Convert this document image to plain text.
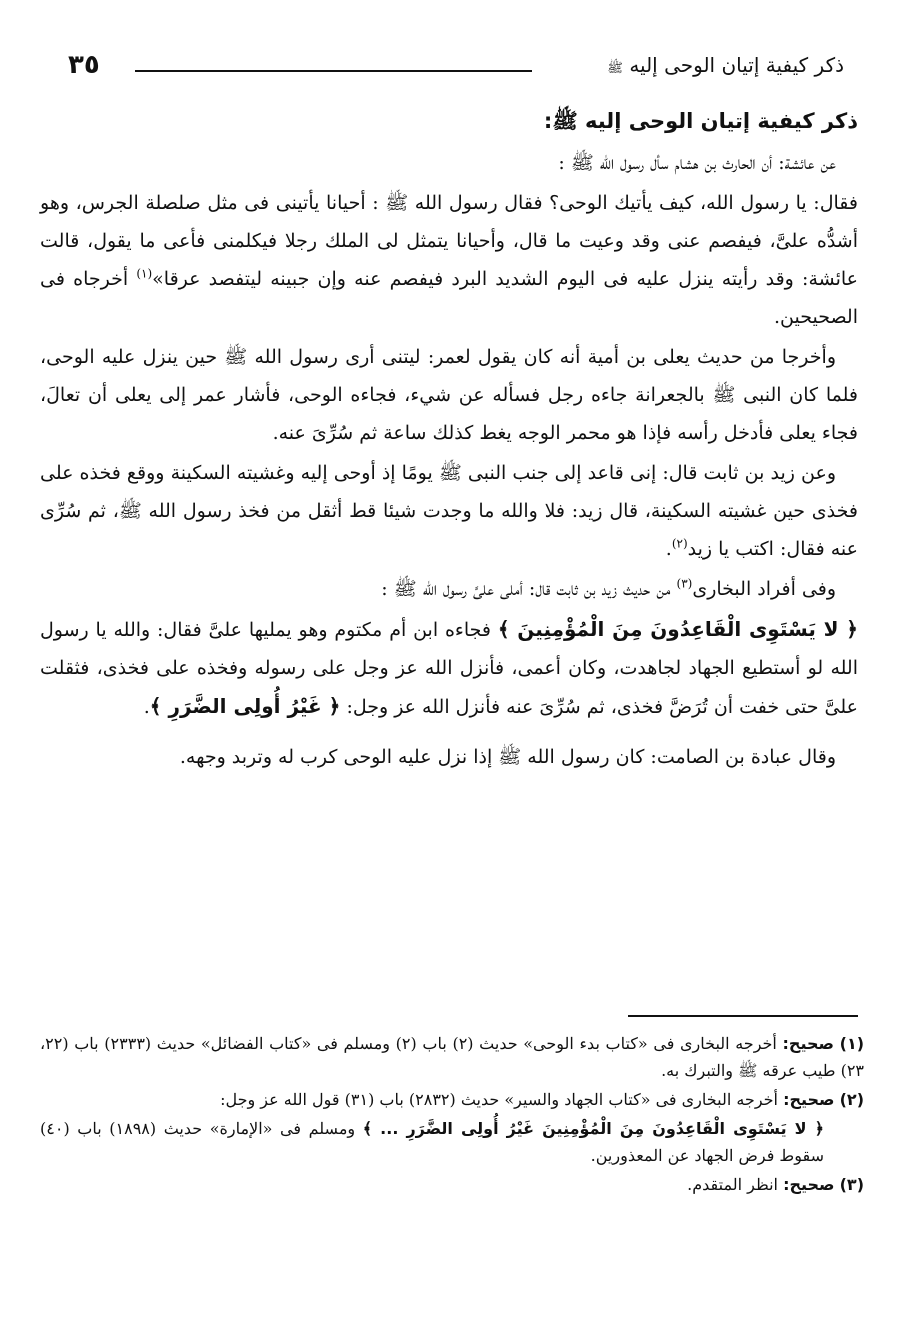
٣٥	ذكر كيفية إتيان الوحى إليه ﷺ
ذكر كيفية إتيان الوحى إليه ﷺ:

عن عائشة: أن الحارث بن هشام سأل رسول الله ﷺ :

فقال: يا رسول الله، كيف يأتيك الوحى؟ فقال رسول الله ﷺ : أحيانا يأتينى فى مثل صلصلة الجرس، وهو أشدُّه علىَّ، فيفصم عنى وقد وعيت ما قال، وأحيانا يتمثل لى الملك رجلا فيكلمنى فأعى ما يقول، قالت عائشة: وقد رأيته ينزل عليه فى اليوم الشديد البرد فيفصم عنه وإن جبينه ليتفصد عرقا»$^{(١)}$ أخرجاه فى الصحيحين.

وأخرجا من حديث يعلى بن أمية أنه كان يقول لعمر: ليتنى أرى رسول الله ﷺ حين ينزل عليه الوحى، فلما كان النبى ﷺ بالجعرانة جاءه رجل فسأله عن شيء، فجاءه الوحى، فأشار عمر إلى يعلى أن تعالَ، فجاء يعلى فأدخل رأسه فإذا هو محمر الوجه يغط كذلك ساعة ثم سُرِّىَ عنه.

وعن زيد بن ثابت قال: إنى قاعد إلى جنب النبى ﷺ يومًا إذ أوحى إليه وغشيته السكينة ووقع فخذه على فخذى حين غشيته السكينة، قال زيد: فلا والله ما وجدت شيئا قط أثقل من فخذ رسول الله ﷺ، ثم سُرِّى عنه فقال: اكتب يا زيد$^{(٢)}$.

وفى أفراد البخارى$^{(٣)}$ من حديث زيد بن ثابت قال: أملى علىَّ رسول الله ﷺ :

﴿ لا يَسْتَوِى الْقَاعِدُونَ مِنَ الْمُؤْمِنِينَ ﴾ فجاءه ابن أم مكتوم وهو يمليها علىَّ فقال: والله يا رسول الله لو أستطيع الجهاد لجاهدت، وكان أعمى، فأنزل الله عز وجل على رسوله وفخذه على فخذى، فثقلت علىَّ حتى خفت أن تُرَضَّ فخذى، ثم سُرِّىَ عنه فأنزل الله عز وجل: ﴿ غَيْرُ أُولِى الضَّرَرِ ﴾.

وقال عبادة بن الصامت: كان رسول الله ﷺ إذا نزل عليه الوحى كرب له وتربد وجهه.

(١) صحيح: أخرجه البخارى فى «كتاب بدء الوحى» حديث (٢) باب (٢) ومسلم فى «كتاب الفضائل» حديث (٢٣٣٣) باب (٢٢، ٢٣) طيب عرقه ﷺ والتبرك به.
(٢) صحيح: أخرجه البخارى فى «كتاب الجهاد والسير» حديث (٢٨٣٢) باب (٣١) قول الله عز وجل:
﴿ لا يَسْتَوِى الْقَاعِدُونَ مِنَ الْمُؤْمِنِينَ غَيْرُ أُولِى الضَّرَرِ ... ﴾ ومسلم فى «الإمارة» حديث (١٨٩٨) باب (٤٠) سقوط فرض الجهاد عن المعذورين.
(٣) صحيح: انظر المتقدم.
